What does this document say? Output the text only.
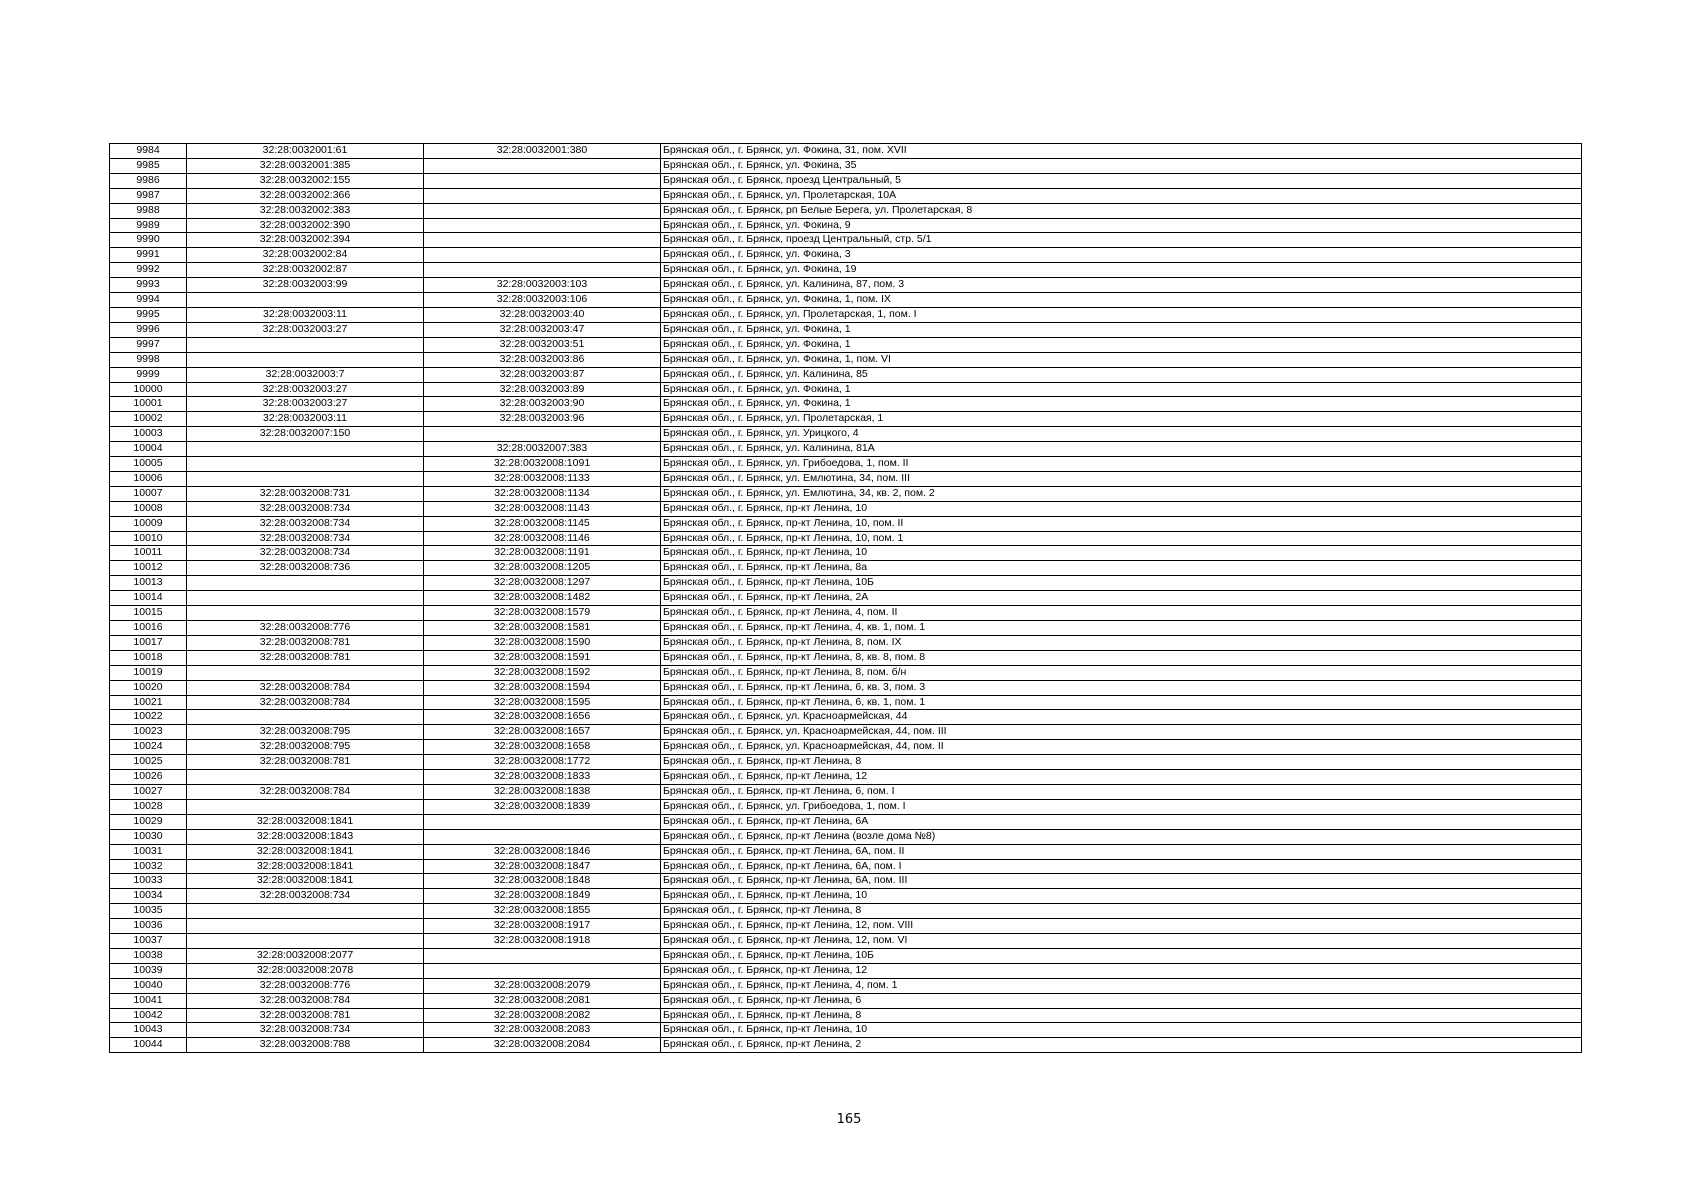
9984	32:28:0032001:61	32:28:0032001:380	Брянская обл., г. Брянск, ул. Фокина, 31, пом. XVII
9985	32:28:0032001:385		Брянская обл., г. Брянск, ул. Фокина, 35
9986	32:28:0032002:155		Брянская обл., г. Брянск, проезд Центральный, 5
9987	32:28:0032002:366		Брянская обл., г. Брянск, ул. Пролетарская, 10А
9988	32:28:0032002:383		Брянская обл., г. Брянск, рп Белые Берега, ул. Пролетарская, 8
9989	32:28:0032002:390		Брянская обл., г. Брянск, ул. Фокина, 9
9990	32:28:0032002:394		Брянская обл., г. Брянск, проезд Центральный, стр. 5/1
9991	32:28:0032002:84		Брянская обл., г. Брянск, ул. Фокина, 3
9992	32:28:0032002:87		Брянская обл., г. Брянск, ул. Фокина, 19
9993	32:28:0032003:99	32:28:0032003:103	Брянская обл., г. Брянск, ул. Калинина, 87, пом. 3
9994		32:28:0032003:106	Брянская обл., г. Брянск, ул. Фокина, 1, пом. IX
9995	32:28:0032003:11	32:28:0032003:40	Брянская обл., г. Брянск, ул. Пролетарская, 1, пом. I
9996	32:28:0032003:27	32:28:0032003:47	Брянская обл., г. Брянск, ул. Фокина, 1
9997		32:28:0032003:51	Брянская обл., г. Брянск, ул. Фокина, 1
9998		32:28:0032003:86	Брянская обл., г. Брянск, ул. Фокина, 1, пом. VI
9999	32:28:0032003:7	32:28:0032003:87	Брянская обл., г. Брянск, ул. Калинина, 85
10000	32:28:0032003:27	32:28:0032003:89	Брянская обл., г. Брянск, ул. Фокина, 1
10001	32:28:0032003:27	32:28:0032003:90	Брянская обл., г. Брянск, ул. Фокина, 1
10002	32:28:0032003:11	32:28:0032003:96	Брянская обл., г. Брянск, ул. Пролетарская, 1
10003	32:28:0032007:150		Брянская обл., г. Брянск, ул. Урицкого, 4
10004		32:28:0032007:383	Брянская обл., г. Брянск, ул. Калинина, 81А
10005		32:28:0032008:1091	Брянская обл., г. Брянск, ул. Грибоедова, 1, пом. II
10006		32:28:0032008:1133	Брянская обл., г. Брянск, ул. Емлютина, 34, пом. III
10007	32:28:0032008:731	32:28:0032008:1134	Брянская обл., г. Брянск, ул. Емлютина, 34, кв. 2, пом. 2
10008	32:28:0032008:734	32:28:0032008:1143	Брянская обл., г. Брянск, пр-кт Ленина, 10
10009	32:28:0032008:734	32:28:0032008:1145	Брянская обл., г. Брянск, пр-кт Ленина, 10, пом. II
10010	32:28:0032008:734	32:28:0032008:1146	Брянская обл., г. Брянск, пр-кт Ленина, 10, пом. 1
10011	32:28:0032008:734	32:28:0032008:1191	Брянская обл., г. Брянск, пр-кт Ленина, 10
10012	32:28:0032008:736	32:28:0032008:1205	Брянская обл., г. Брянск, пр-кт Ленина, 8а
10013		32:28:0032008:1297	Брянская обл., г. Брянск, пр-кт Ленина, 10Б
10014		32:28:0032008:1482	Брянская обл., г. Брянск, пр-кт Ленина, 2А
10015		32:28:0032008:1579	Брянская обл., г. Брянск, пр-кт Ленина, 4, пом. II
10016	32:28:0032008:776	32:28:0032008:1581	Брянская обл., г. Брянск, пр-кт Ленина, 4, кв. 1, пом. 1
10017	32:28:0032008:781	32:28:0032008:1590	Брянская обл., г. Брянск, пр-кт Ленина, 8, пом. IX
10018	32:28:0032008:781	32:28:0032008:1591	Брянская обл., г. Брянск, пр-кт Ленина, 8, кв. 8, пом. 8
10019		32:28:0032008:1592	Брянская обл., г. Брянск, пр-кт Ленина, 8, пом. б/н
10020	32:28:0032008:784	32:28:0032008:1594	Брянская обл., г. Брянск, пр-кт Ленина, 6, кв. 3, пом. 3
10021	32:28:0032008:784	32:28:0032008:1595	Брянская обл., г. Брянск, пр-кт Ленина, 6, кв. 1, пом. 1
10022		32:28:0032008:1656	Брянская обл., г. Брянск, ул. Красноармейская, 44
10023	32:28:0032008:795	32:28:0032008:1657	Брянская обл., г. Брянск, ул. Красноармейская, 44, пом. III
10024	32:28:0032008:795	32:28:0032008:1658	Брянская обл., г. Брянск, ул. Красноармейская, 44, пом. II
10025	32:28:0032008:781	32:28:0032008:1772	Брянская обл., г. Брянск, пр-кт Ленина, 8
10026		32:28:0032008:1833	Брянская обл., г. Брянск, пр-кт Ленина, 12
10027	32:28:0032008:784	32:28:0032008:1838	Брянская обл., г. Брянск, пр-кт Ленина, 6, пом. I
10028		32:28:0032008:1839	Брянская обл., г. Брянск, ул. Грибоедова, 1, пом. I
10029	32:28:0032008:1841		Брянская обл., г. Брянск, пр-кт Ленина, 6А
10030	32:28:0032008:1843		Брянская обл., г. Брянск, пр-кт Ленина (возле дома №8)
10031	32:28:0032008:1841	32:28:0032008:1846	Брянская обл., г. Брянск, пр-кт Ленина, 6А, пом. II
10032	32:28:0032008:1841	32:28:0032008:1847	Брянская обл., г. Брянск, пр-кт Ленина, 6А, пом. I
10033	32:28:0032008:1841	32:28:0032008:1848	Брянская обл., г. Брянск, пр-кт Ленина, 6А, пом. III
10034	32:28:0032008:734	32:28:0032008:1849	Брянская обл., г. Брянск, пр-кт Ленина, 10
10035		32:28:0032008:1855	Брянская обл., г. Брянск, пр-кт Ленина, 8
10036		32:28:0032008:1917	Брянская обл., г. Брянск, пр-кт Ленина, 12, пом. VIII
10037		32:28:0032008:1918	Брянская обл., г. Брянск, пр-кт Ленина, 12, пом. VI
10038	32:28:0032008:2077		Брянская обл., г. Брянск, пр-кт Ленина, 10Б
10039	32:28:0032008:2078		Брянская обл., г. Брянск, пр-кт Ленина, 12
10040	32:28:0032008:776	32:28:0032008:2079	Брянская обл., г. Брянск, пр-кт Ленина, 4, пом. 1
10041	32:28:0032008:784	32:28:0032008:2081	Брянская обл., г. Брянск, пр-кт Ленина, 6
10042	32:28:0032008:781	32:28:0032008:2082	Брянская обл., г. Брянск, пр-кт Ленина, 8
10043	32:28:0032008:734	32:28:0032008:2083	Брянская обл., г. Брянск, пр-кт Ленина, 10
10044	32:28:0032008:788	32:28:0032008:2084	Брянская обл., г. Брянск, пр-кт Ленина, 2
165
